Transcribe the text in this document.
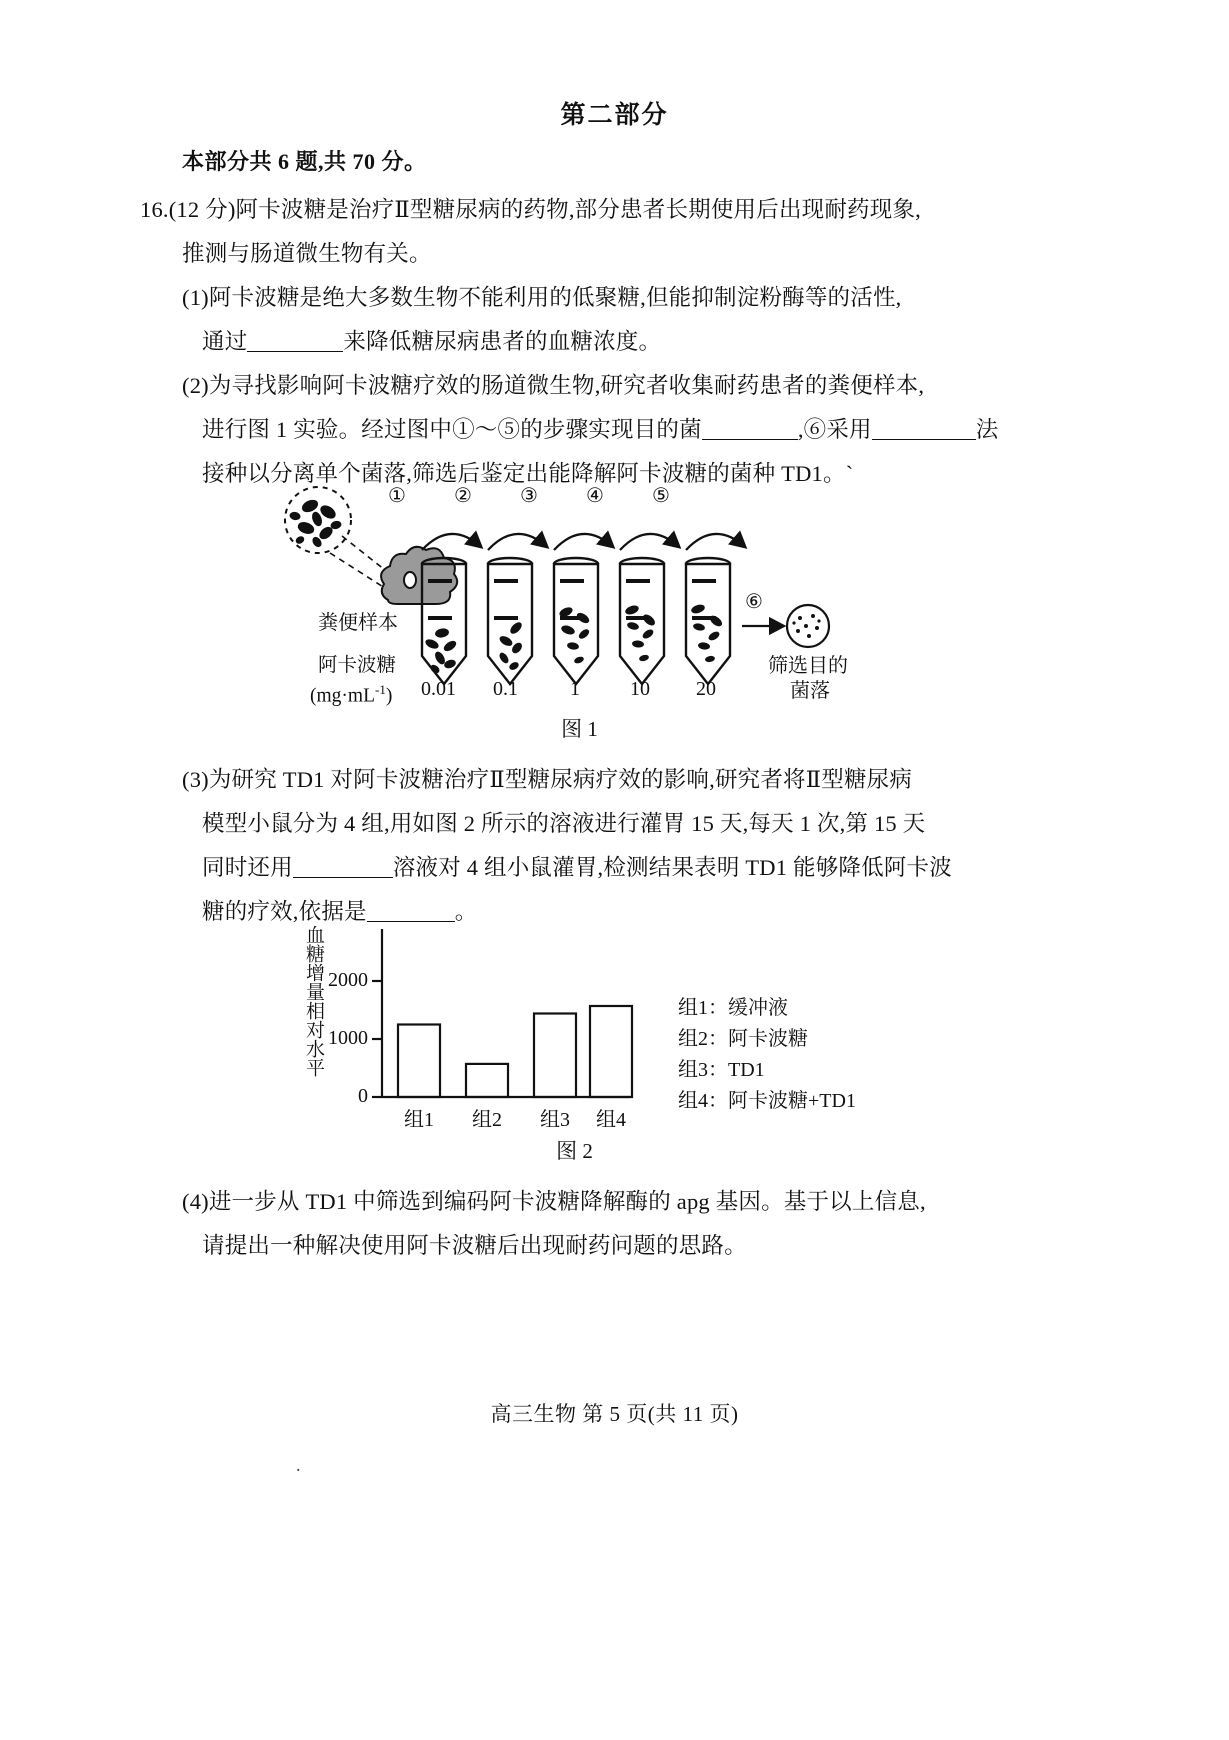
第二部分
本部分共 6 题,共 70 分。
16.(12 分)阿卡波糖是治疗Ⅱ型糖尿病的药物,部分患者长期使用后出现耐药现象,
推测与肠道微生物有关。
(1)阿卡波糖是绝大多数生物不能利用的低聚糖,但能抑制淀粉酶等的活性,
通过	来降低糖尿病患者的血糖浓度。
(2)为寻找影响阿卡波糖疗效的肠道微生物,研究者收集耐药患者的粪便样本,
进行图 1 实验。经过图中①～⑤的步骤实现目的菌	,⑥采用	法
接种以分离单个菌落,筛选后鉴定出能降解阿卡波糖的菌种 TD1。`
① ② ③ ④ ⑤
⑥
粪便样本
阿卡波糖
$(mg\cdot mL^{-1})$ 0.01 0.1	1	10 20
筛选目的
菌落
图 1
(3)为研究 TD1 对阿卡波糖治疗Ⅱ型糖尿病疗效的影响,研究者将Ⅱ型糖尿病
模型小鼠分为 4 组,用如图 2 所示的溶液进行灌胃 15 天,每天 1 次,第 15 天
同时还用	溶液对 4 组小鼠灌胃,检测结果表明 TD1 能够降低阿卡波
糖的疗效,依据是	。
血糖增量相对水平
0
1000
2000
组1	组2	组3	组4
组1：缓冲液
组2：阿卡波糖
组3：TD1
组4：阿卡波糖+TD1
图 2
(4)进一步从 TD1 中筛选到编码阿卡波糖降解酶的 apg 基因。基于以上信息,
请提出一种解决使用阿卡波糖后出现耐药问题的思路。
高三生物 第 5 页(共 11 页)
.
